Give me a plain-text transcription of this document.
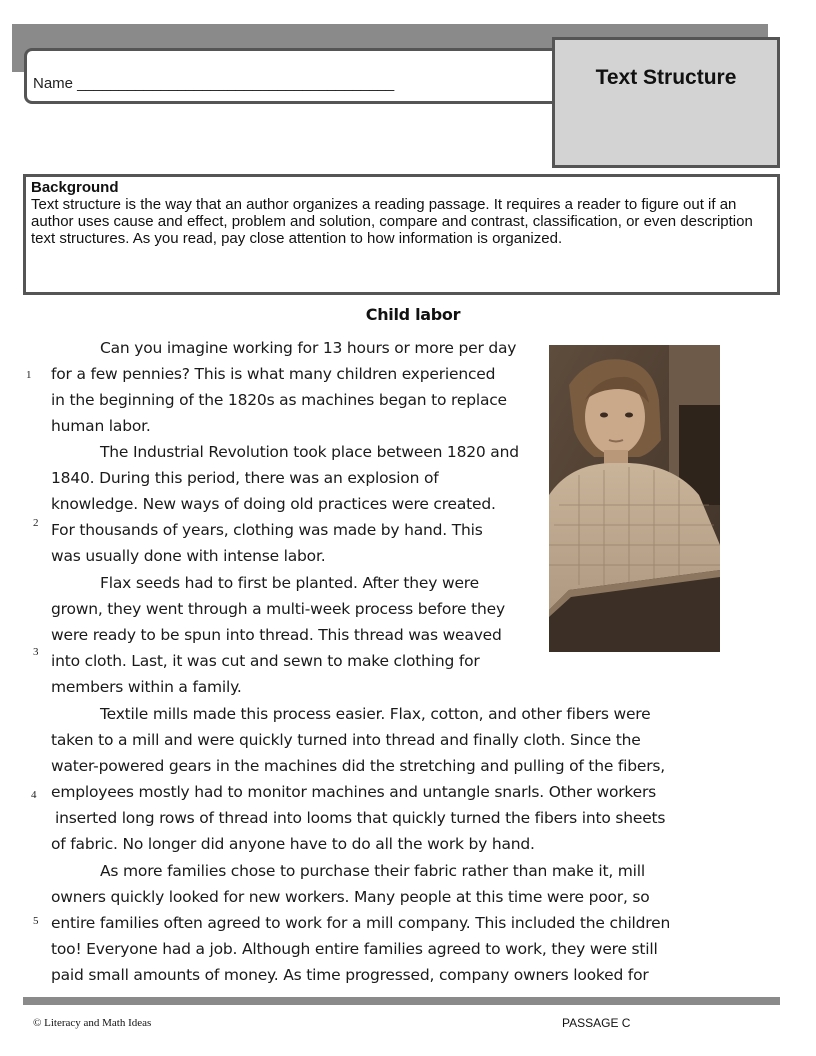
Name ______________________________________	Text Structure
Background
Text structure is the way that an author organizes a reading passage. It requires a reader to figure out if an author uses cause and effect, problem and solution, compare and contrast, classification, or even description text structures. As you read, pay close attention to how information is organized.
Child labor
1
2
3
4
5
Can you imagine working for 13 hours or more per day
for a few pennies? This is what many children experienced
in the beginning of the 1820s as machines began to replace
human labor.
The Industrial Revolution took place between 1820 and
1840. During this period, there was an explosion of
knowledge. New ways of doing old practices were created.
For thousands of years, clothing was made by hand. This
was usually done with intense labor.
Flax seeds had to first be planted. After they were
grown, they went through a multi-week process before they
were ready to be spun into thread. This thread was weaved
into cloth. Last, it was cut and sewn to make clothing for
members within a family.
Textile mills made this process easier. Flax, cotton, and other fibers were
taken to a mill and were quickly turned into thread and finally cloth. Since the
water-powered gears in the machines did the stretching and pulling of the fibers,
employees mostly had to monitor machines and untangle snarls. Other workers
inserted long rows of thread into looms that quickly turned the fibers into sheets
of fabric. No longer did anyone have to do all the work by hand.
As more families chose to purchase their fabric rather than make it, mill
owners quickly looked for new workers. Many people at this time were poor, so
entire families often agreed to work for a mill company. This included the children
too! Everyone had a job. Although entire families agreed to work, they were still
paid small amounts of money. As time progressed, company owners looked for
© Literacy and Math Ideas	PASSAGE C
